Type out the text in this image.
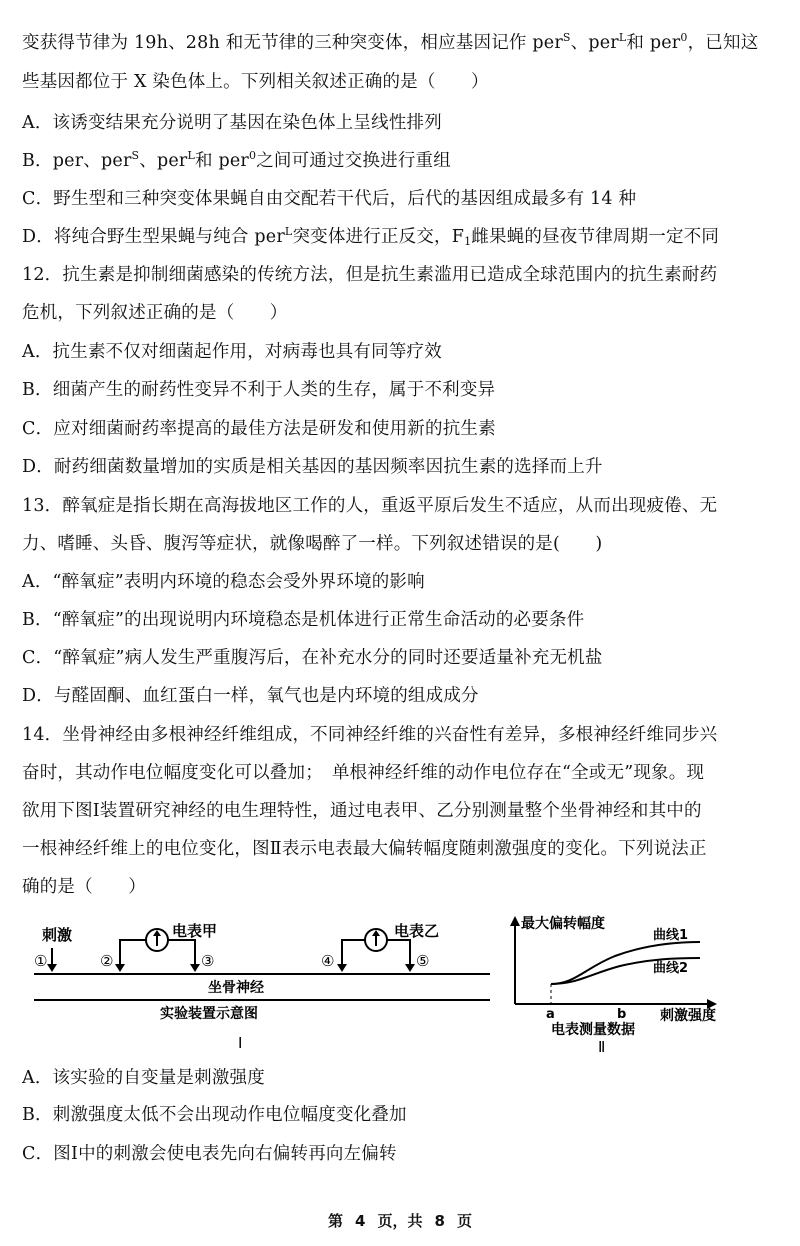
变获得节律为 19h、28h 和无节律的三种突变体，相应基因记作 per$^S$、per$^L$和 per$^0$，已知这
些基因都位于 X 染色体上。下列相关叙述正确的是（　　）
A．该诱变结果充分说明了基因在染色体上呈线性排列
B．per、per$^S$、per$^L$和 per$^0$之间可通过交换进行重组
C．野生型和三种突变体果蝇自由交配若干代后，后代的基因组成最多有 14 种
D．将纯合野生型果蝇与纯合 per$^L$突变体进行正反交，$F_1$雌果蝇的昼夜节律周期一定不同
12．抗生素是抑制细菌感染的传统方法，但是抗生素滥用已造成全球范围内的抗生素耐药
危机，下列叙述正确的是（　　）
A．抗生素不仅对细菌起作用，对病毒也具有同等疗效
B．细菌产生的耐药性变异不利于人类的生存，属于不利变异
C．应对细菌耐药率提高的最佳方法是研发和使用新的抗生素
D．耐药细菌数量增加的实质是相关基因的基因频率因抗生素的选择而上升
13．醉氧症是指长期在高海拔地区工作的人，重返平原后发生不适应，从而出现疲倦、无
力、嗜睡、头昏、腹泻等症状，就像喝醉了一样。下列叙述错误的是(　　)
A．“醉氧症”表明内环境的稳态会受外界环境的影响
B．“醉氧症”的出现说明内环境稳态是机体进行正常生命活动的必要条件
C．“醉氧症”病人发生严重腹泻后，在补充水分的同时还要适量补充无机盐
D．与醛固酮、血红蛋白一样，氧气也是内环境的组成成分
14．坐骨神经由多根神经纤维组成，不同神经纤维的兴奋性有差异，多根神经纤维同步兴
奋时，其动作电位幅度变化可以叠加；　单根神经纤维的动作电位存在“全或无”现象。现
欲用下图Ⅰ装置研究神经的电生理特性，通过电表甲、乙分别测量整个坐骨神经和其中的
一根神经纤维上的电位变化，图Ⅱ表示电表最大偏转幅度随刺激强度的变化。下列说法正
确的是（　　）
刺激
①	②	③	④	⑤
电表甲	电表乙
坐骨神经
实验装置示意图
Ⅰ
最大偏转幅度
刺激强度
a	b
曲线1
曲线2
电表测量数据
Ⅱ
A．该实验的自变量是刺激强度
B．刺激强度太低不会出现动作电位幅度变化叠加
C．图Ⅰ中的刺激会使电表先向右偏转再向左偏转
第 4 页，共 8 页
